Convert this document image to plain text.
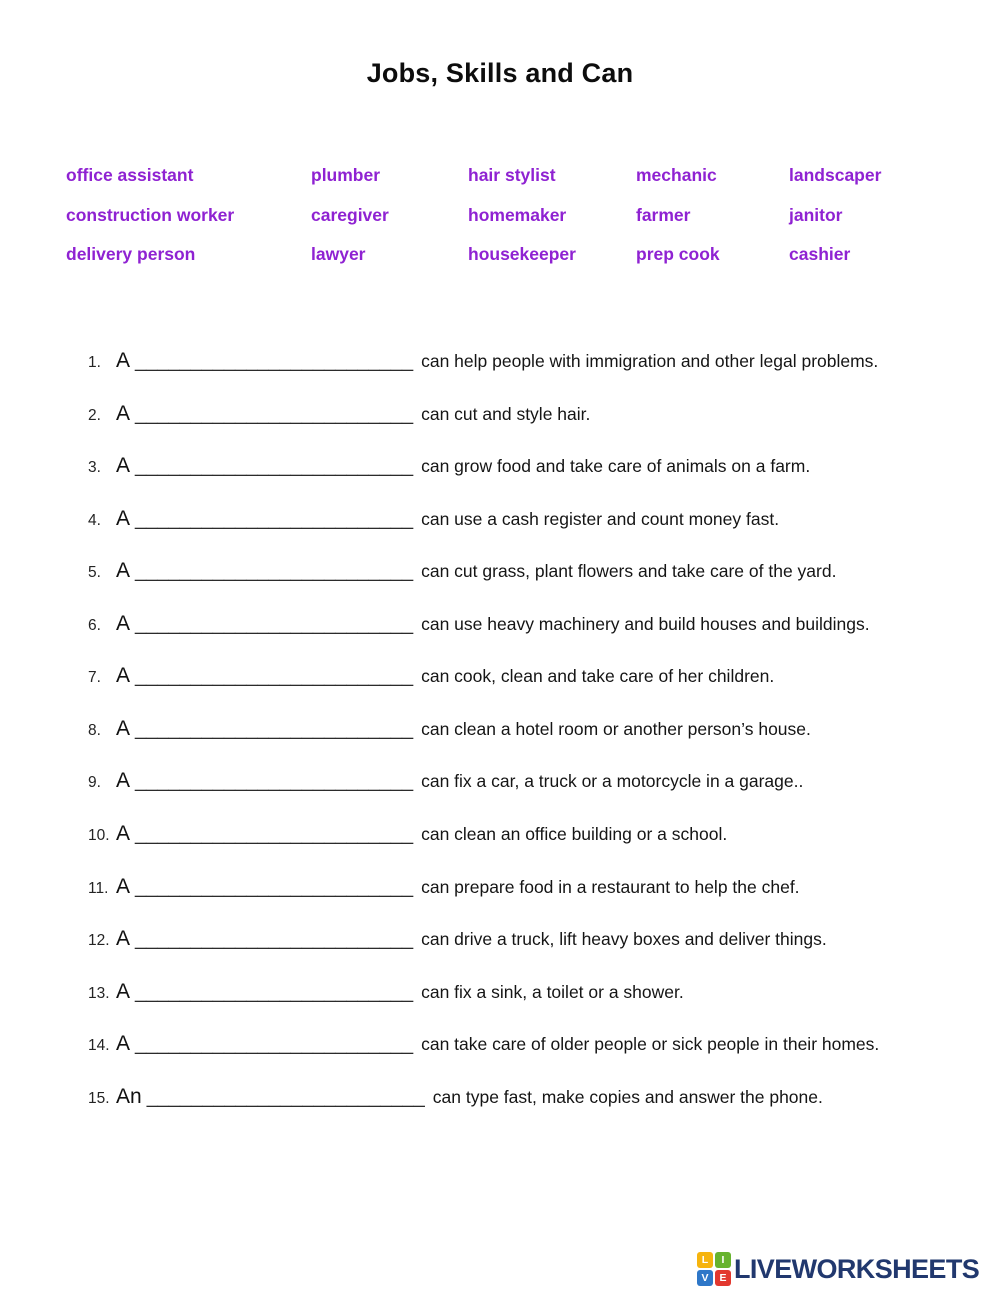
Jobs, Skills and Can
office assistant	plumber	hair stylist	mechanic	landscaper
construction worker	caregiver	homemaker	farmer	janitor
delivery person	lawyer	housekeeper	prep cook	cashier
1. A _________________________ can help people with immigration and other legal problems.
2. A _________________________ can cut and style hair.
3. A _________________________ can grow food and take care of animals on a farm.
4. A _________________________ can use a cash register and count money fast.
5. A _________________________ can cut grass, plant flowers and take care of the yard.
6. A _________________________ can use heavy machinery and build houses and buildings.
7. A _________________________ can cook, clean and take care of her children.
8. A _________________________ can clean a hotel room or another person’s house.
9. A _________________________ can fix a car, a truck or a motorcycle in a garage..
10. A _________________________ can clean an office building or a school.
11. A _________________________ can prepare food in a restaurant to help the chef.
12. A _________________________ can drive a truck, lift heavy boxes and deliver things.
13. A _________________________ can fix a sink, a toilet or a shower.
14. A _________________________ can take care of older people or sick people in their homes.
15. An _________________________ can type fast, make copies and answer the phone.
L	I
V	E LIVEWORKSHEETS
